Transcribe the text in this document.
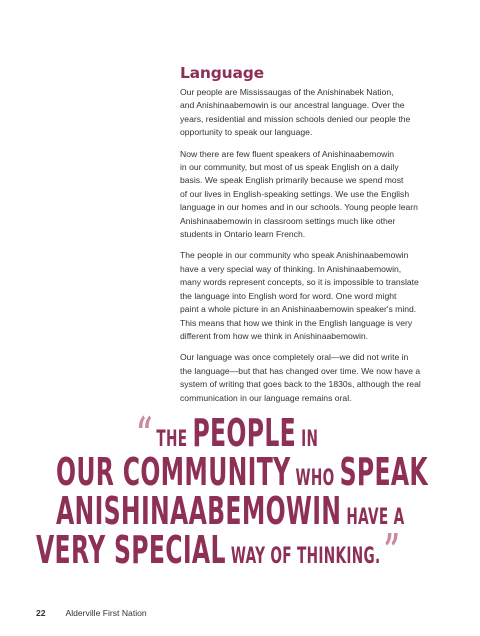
Language

Our people are Mississaugas of the Anishinabek Nation,
and Anishinaabemowin is our ancestral language. Over the
years, residential and mission schools denied our people the
opportunity to speak our language.

Now there are few fluent speakers of Anishinaabemowin
in our community, but most of us speak English on a daily
basis. We speak English primarily because we spend most
of our lives in English-speaking settings. We use the English
language in our homes and in our schools. Young people learn
Anishinaabemowin in classroom settings much like other
students in Ontario learn French.

The people in our community who speak Anishinaabemowin
have a very special way of thinking. In Anishinaabemowin,
many words represent concepts, so it is impossible to translate
the language into English word for word. One word might
paint a whole picture in an Anishinaabemowin speaker's mind.
This means that how we think in the English language is very
different from how we think in Anishinaabemowin.

Our language was once completely oral—we did not write in
the language—but that has changed over time. We now have a
system of writing that goes back to the 1830s, although the real
communication in our language remains oral.

“ THE PEOPLE IN
OUR COMMUNITY WHO SPEAK
ANISHINAABEMOWIN HAVE A
VERY SPECIAL WAY OF THINKING.”
22 Alderville First Nation
